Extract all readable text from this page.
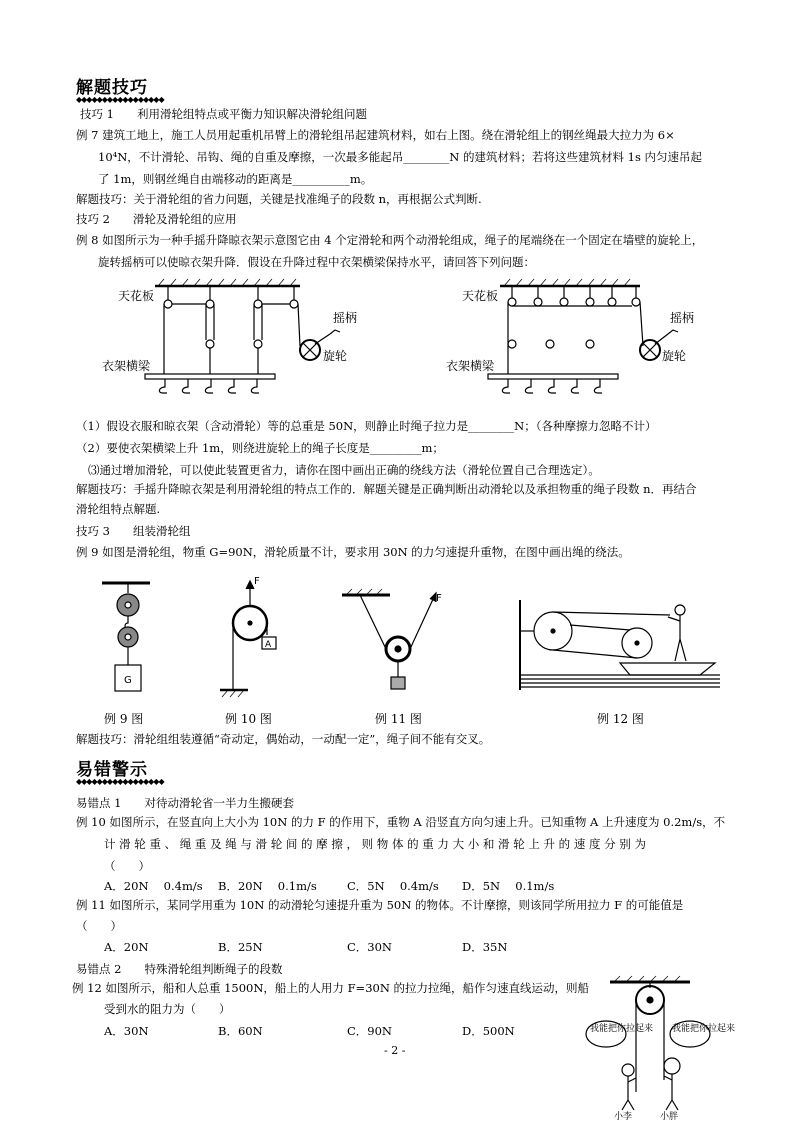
解题技巧
◆◆◆◆◆◆◆◆◆◆◆◆◆◆◆◆◆
技巧 1　　利用滑轮组特点或平衡力知识解决滑轮组问题
例 7 建筑工地上，施工人员用起重机吊臂上的滑轮组吊起建筑材料，如右上图。绕在滑轮组上的钢丝绳最大拉力为 6×
10⁴N，不计滑轮、吊钩、绳的自重及摩擦，一次最多能起吊________N 的建筑材料；若将这些建筑材料 1s 内匀速吊起
了 1m，则钢丝绳自由端移动的距离是__________m。
解题技巧：关于滑轮组的省力问题，关键是找准绳子的段数 n，再根据公式判断.
技巧 2　　滑轮及滑轮组的应用
例 8 如图所示为一种手摇升降晾衣架示意图它由 4 个定滑轮和两个动滑轮组成，绳子的尾端绕在一个固定在墙壁的旋轮上，
旋转摇柄可以使晾衣架升降．假设在升降过程中衣架横梁保持水平，请回答下列问题：
天花板
摇柄
衣架横梁
旋轮
天花板
摇柄
衣架横梁
旋轮
（1）假设衣服和晾衣架（含动滑轮）等的总重是 50N，则静止时绳子拉力是________N；（各种摩擦力忽略不计）
（2）要使衣架横梁上升 1m，则绕进旋轮上的绳子长度是_________m；
⑶通过增加滑轮，可以使此装置更省力，请你在图中画出正确的绕线方法（滑轮位置自己合理选定）。
解题技巧：手摇升降晾衣架是利用滑轮组的特点工作的．解题关键是正确判断出动滑轮以及承担物重的绳子段数 n．再结合
滑轮组特点解题.
技巧 3　　组装滑轮组
例 9 如图是滑轮组，物重 G=90N，滑轮质量不计，要求用 30N 的力匀速提升重物，在图中画出绳的绕法。
G
F
A
F
例 9 图	例 10 图	例 11 图	例 12 图
解题技巧：滑轮组组装遵循“奇动定，偶始动，一动配一定”，绳子间不能有交叉。
易错警示
◆◆◆◆◆◆◆◆◆◆◆◆◆◆◆◆◆
易错点 1　　对待动滑轮省一半力生搬硬套
例 10 如图所示，在竖直向上大小为 10N 的力 F 的作用下，重物 A 沿竖直方向匀速上升。已知重物 A 上升速度为 0.2m/s，不
计 滑 轮 重 、 绳 重 及 绳 与 滑 轮 间 的 摩 擦 ， 则 物 体 的 重 力 大 小 和 滑 轮 上 升 的 速 度 分 别 为
（　　）
A．20N　 0.4m/s B．20N　 0.1m/s	C．5N　 0.4m/s D．5N　 0.1m/s
例 11 如图所示，某同学用重为 10N 的动滑轮匀速提升重为 50N 的物体。不计摩擦，则该同学所用拉力 F 的可能值是
（　　）
A．20N	B．25N	C．30N	D．35N
易错点 2　　特殊滑轮组判断绳子的段数
例 12 如图所示，船和人总重 1500N，船上的人用力 F=30N 的拉力拉绳，船作匀速直线运动，则船
受到水的阻力为（　　）
A．30N	B．60N	C．90N	D．500N	我能把你拉起来 我能把你拉起来
小李	小胖
- 2 -
